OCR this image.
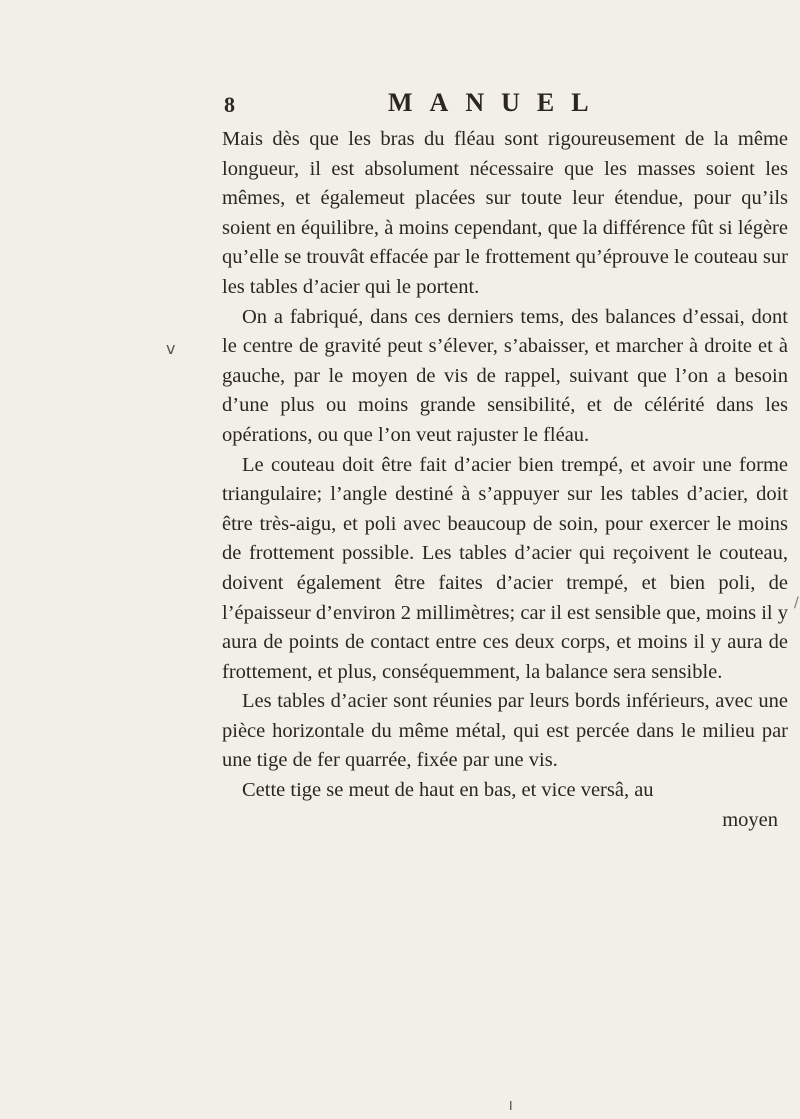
8	MANUEL

Mais dès que les bras du fléau sont rigoureusement de la même longueur, il est absolument nécessaire que les masses soient les mêmes, et égalemeut placées sur toute leur étendue, pour qu’ils soient en équilibre, à moins cependant, que la différence fût si légère qu’elle se trouvât effacée par le frottement qu’éprouve le couteau sur les tables d’acier qui le portent.

On a fabriqué, dans ces derniers tems, des balances d’essai, dont le centre de gravité peut s’élever, s’abaisser, et marcher à droite et à gauche, par le moyen de vis de rappel, suivant que l’on a besoin d’une plus ou moins grande sensibilité, et de célérité dans les opérations, ou que l’on veut rajuster le fléau.

Le couteau doit être fait d’acier bien trempé, et avoir une forme triangulaire; l’angle destiné à s’appuyer sur les tables d’acier, doit être très-aigu, et poli avec beaucoup de soin, pour exercer le moins de frottement possible. Les tables d’acier qui reçoivent le couteau, doivent également être faites d’acier trempé, et bien poli, de l’épaisseur d’environ 2 millimètres; car il est sensible que, moins il y aura de points de contact entre ces deux corps, et moins il y aura de frottement, et plus, conséquemment, la balance sera sensible.

Les tables d’acier sont réunies par leurs bords inférieurs, avec une pièce horizontale du même métal, qui est percée dans le milieu par une tige de fer quarrée, fixée par une vis.

Cette tige se meut de haut en bas, et vice versâ, au

moyen

v
/
I
